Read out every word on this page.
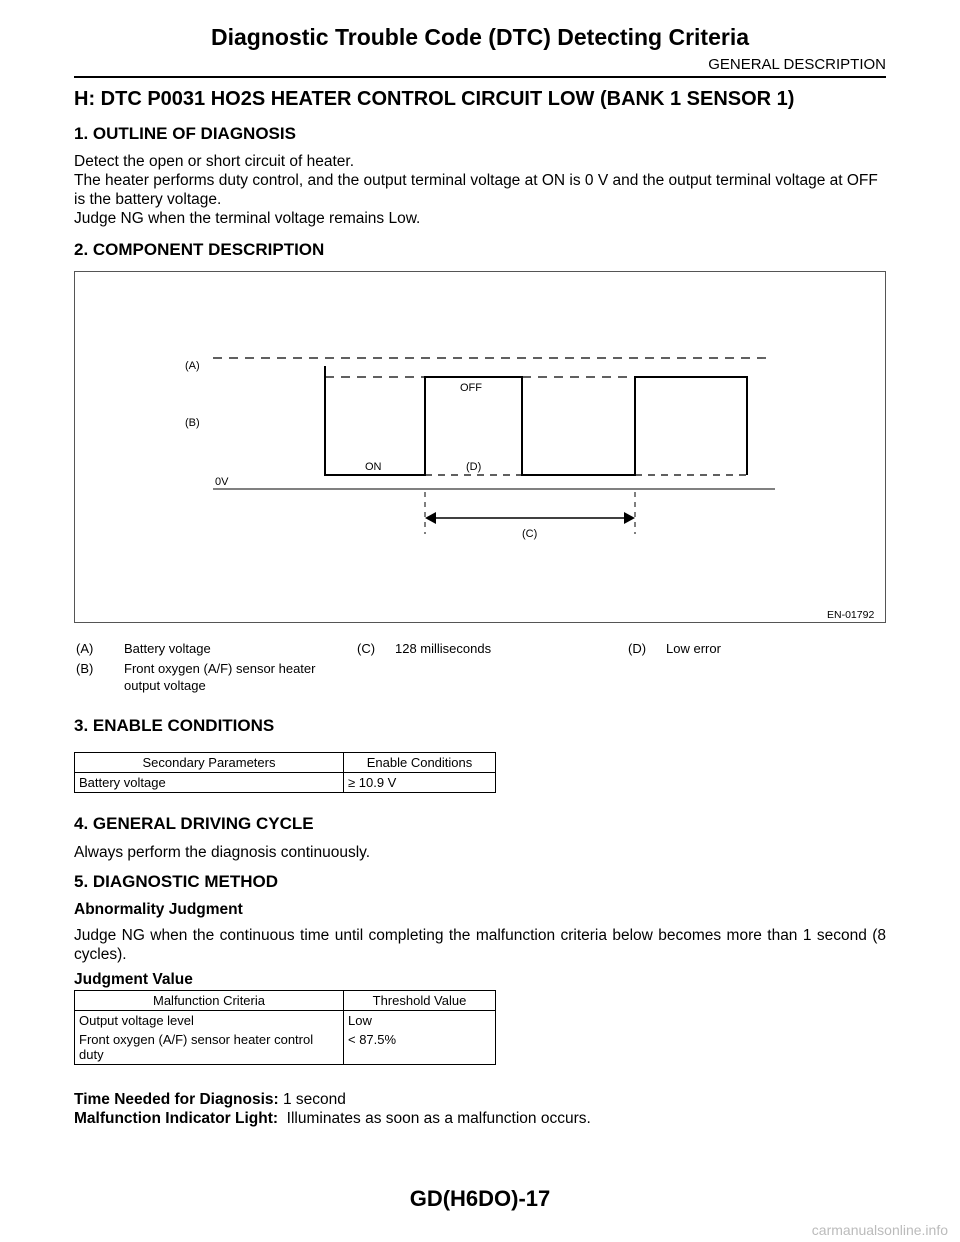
Diagnostic Trouble Code (DTC) Detecting Criteria
GENERAL DESCRIPTION
H: DTC P0031 HO2S HEATER CONTROL CIRCUIT LOW (BANK 1 SENSOR 1)
1. OUTLINE OF DIAGNOSIS

Detect the open or short circuit of heater.

The heater performs duty control, and the output terminal voltage at ON is 0 V and the output terminal voltage at OFF is the battery voltage.

Judge NG when the terminal voltage remains Low.

2. COMPONENT DESCRIPTION
(A)
(B)
0V
OFF
ON	(D)
(C)
EN-01792
(A) Battery voltage
(B) Front oxygen (A/F) sensor heater output voltage
(C) 128 milliseconds	(D) Low error
3. ENABLE CONDITIONS
Secondary Parameters	Enable Conditions
Battery voltage	≥ 10.9 V
4. GENERAL DRIVING CYCLE
Always perform the diagnosis continuously.
5. DIAGNOSTIC METHOD
Abnormality Judgment
Judge NG when the continuous time until completing the malfunction criteria below becomes more than 1 second (8 cycles).
Judgment Value
Malfunction Criteria	Threshold Value
Output voltage level	Low
Front oxygen (A/F) sensor heater control duty	< 87.5%
Time Needed for Diagnosis: 1 second
Malfunction Indicator Light:  Illuminates as soon as a malfunction occurs.
GD(H6DO)-17
carmanualsonline.info
